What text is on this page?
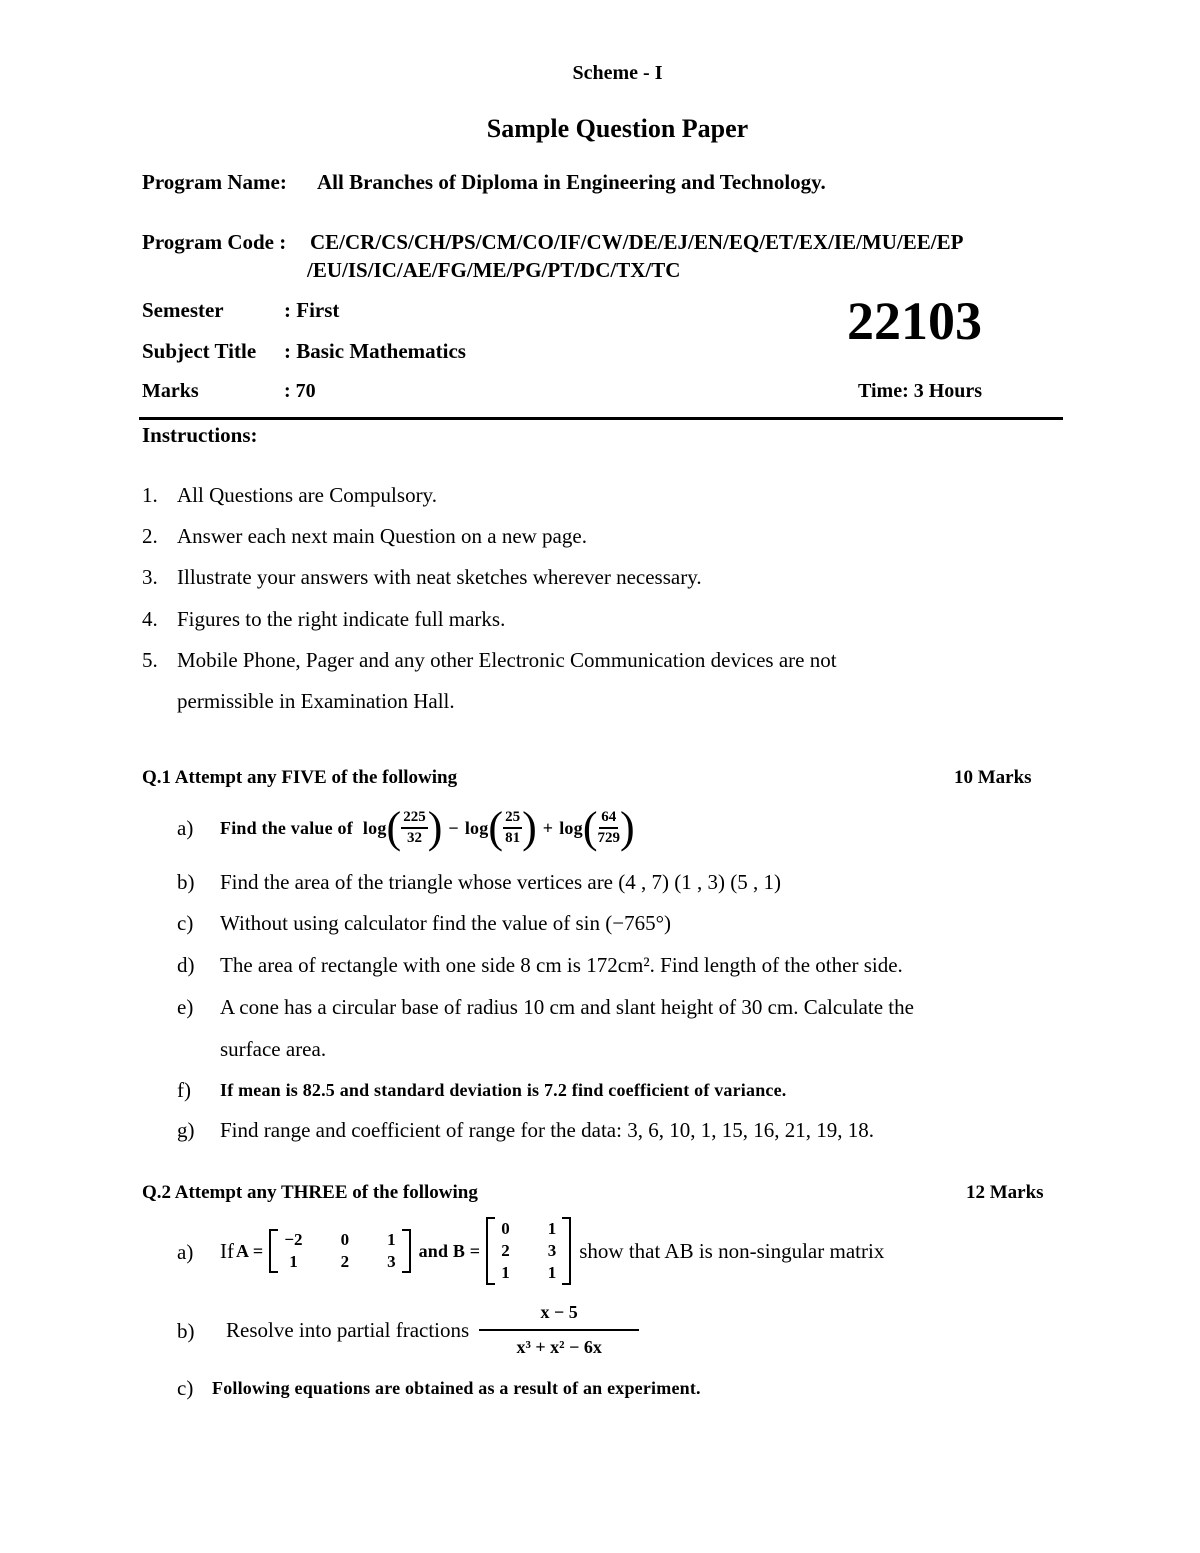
Scheme - I
Sample Question Paper
Program Name: All Branches of Diploma in Engineering and Technology.
Program Code : CE/CR/CS/CH/PS/CM/CO/IF/CW/DE/EJ/EN/EQ/ET/EX/IE/MU/EE/EP
/EU/IS/IC/AE/FG/ME/PG/PT/DC/TX/TC
Semester	: First
Subject Title : Basic Mathematics	22103
Marks	: 70	Time: 3 Hours
Instructions:
1. All Questions are Compulsory.
2. Answer each next main Question on a new page.
3. Illustrate your answers with neat sketches wherever necessary.
4. Figures to the right indicate full marks.
5. Mobile Phone, Pager and any other Electronic Communication devices are not
permissible in Examination Hall.
Q.1 Attempt any FIVE of the following	10 Marks
a) Find the value of log ( $\frac{225}{32}$ ) − log ( $\frac{25}{81}$ ) + log ( $\frac{64}{729}$ )
b) Find the area of the triangle whose vertices are (4 , 7) (1 , 3) (5 , 1)
c) Without using calculator find the value of sin (−765°)
d) The area of rectangle with one side 8 cm is 172cm². Find length of the other side.
e) A cone has a circular base of radius 10 cm and slant height of 30 cm. Calculate the
surface area.
f) If mean is 82.5 and standard deviation is 7.2 find coefficient of variance.
g) Find range and coefficient of range for the data: 3, 6, 10, 1, 15, 16, 21, 19, 18.
Q.2 Attempt any THREE of the following	12 Marks
a) If A =
−2 0 1
1	2 3
and B =
0 1
2 3
1 1
show that AB is non-singular matrix
b) Resolve into partial fractions $\frac{x - 5}{\text{x³ + x² − 6x}}$
c) Following equations are obtained as a result of an experiment.
